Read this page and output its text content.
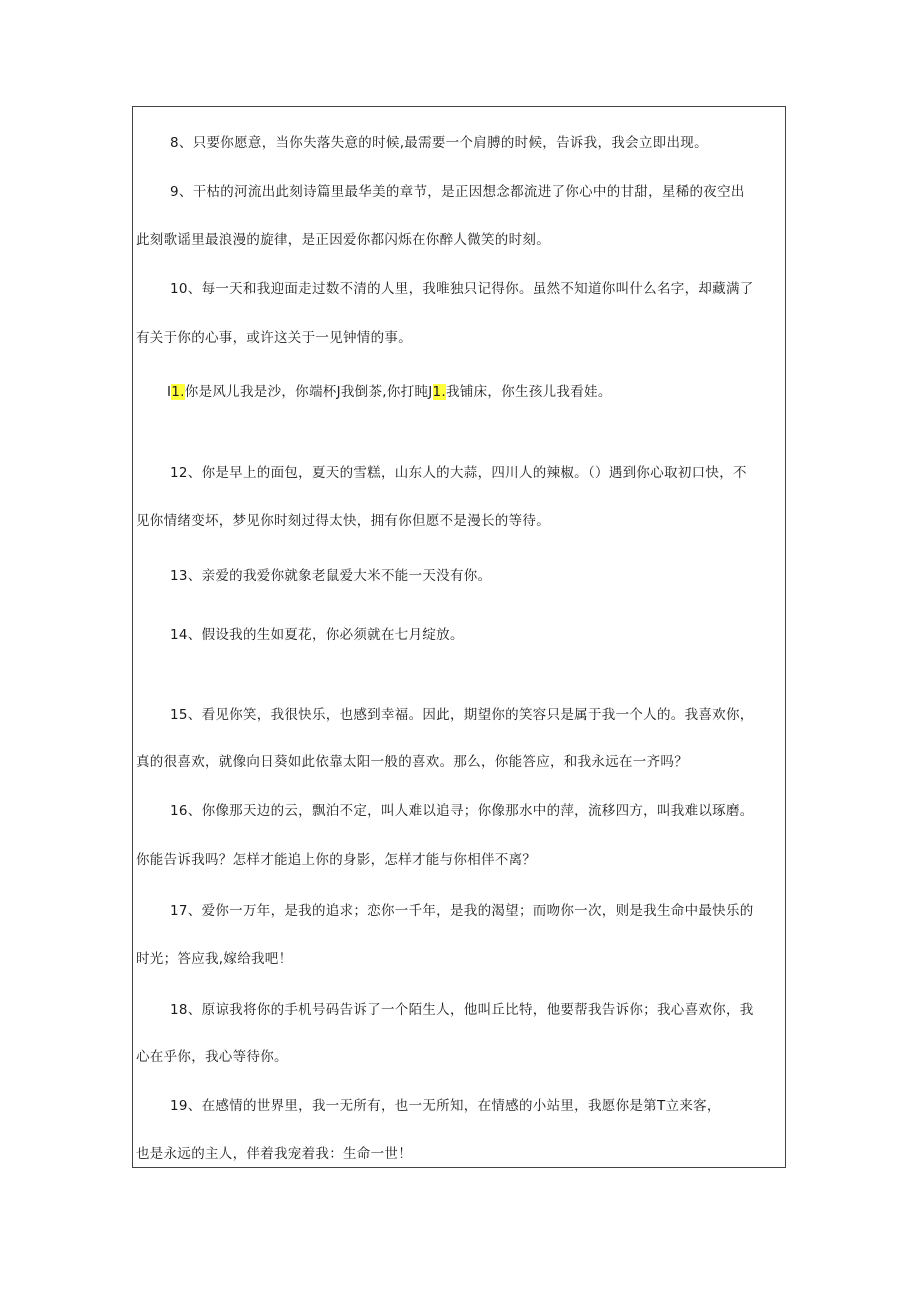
8、只要你愿意，当你失落失意的时候,最需要一个肩膊的时候，告诉我，我会立即出现。
9、干枯的河流出此刻诗篇里最华美的章节，是正因想念都流进了你心中的甘甜，星稀的夜空出
此刻歌谣里最浪漫的旋律，是正因爱你都闪烁在你醉人微笑的时刻。
10、每一天和我迎面走过数不清的人里，我唯独只记得你。虽然不知道你叫什么名字，却藏满了
有关于你的心事，或许这关于一见钟情的事。
I1.你是风儿我是沙，你端杯J我倒茶,你打盹J1.我铺床，你生孩儿我看娃。
12、你是早上的面包，夏天的雪糕，山东人的大蒜，四川人的辣椒。（）遇到你心取初口快，不
见你情绪变坏，梦见你时刻过得太快，拥有你但愿不是漫长的等待。
13、亲爱的我爱你就象老鼠爱大米不能一天没有你。
14、假设我的生如夏花，你必须就在七月绽放。
15、看见你笑，我很快乐，也感到幸福。因此，期望你的笑容只是属于我一个人的。我喜欢你，
真的很喜欢，就像向日葵如此依靠太阳一般的喜欢。那么，你能答应，和我永远在一齐吗？
16、你像那天边的云，飘泊不定，叫人难以追寻；你像那水中的萍，流移四方，叫我难以琢磨。
你能告诉我吗？怎样才能追上你的身影，怎样才能与你相伴不离？
17、爱你一万年，是我的追求；恋你一千年，是我的渴望；而吻你一次，则是我生命中最快乐的
时光；答应我,嫁给我吧！
18、原谅我将你的手机号码告诉了一个陌生人，他叫丘比特，他要帮我告诉你；我心喜欢你，我
心在乎你，我心等待你。
19、在感情的世界里，我一无所有，也一无所知，在情感的小站里，我愿你是第T立来客，
也是永远的主人，伴着我宠着我：生命一世！
